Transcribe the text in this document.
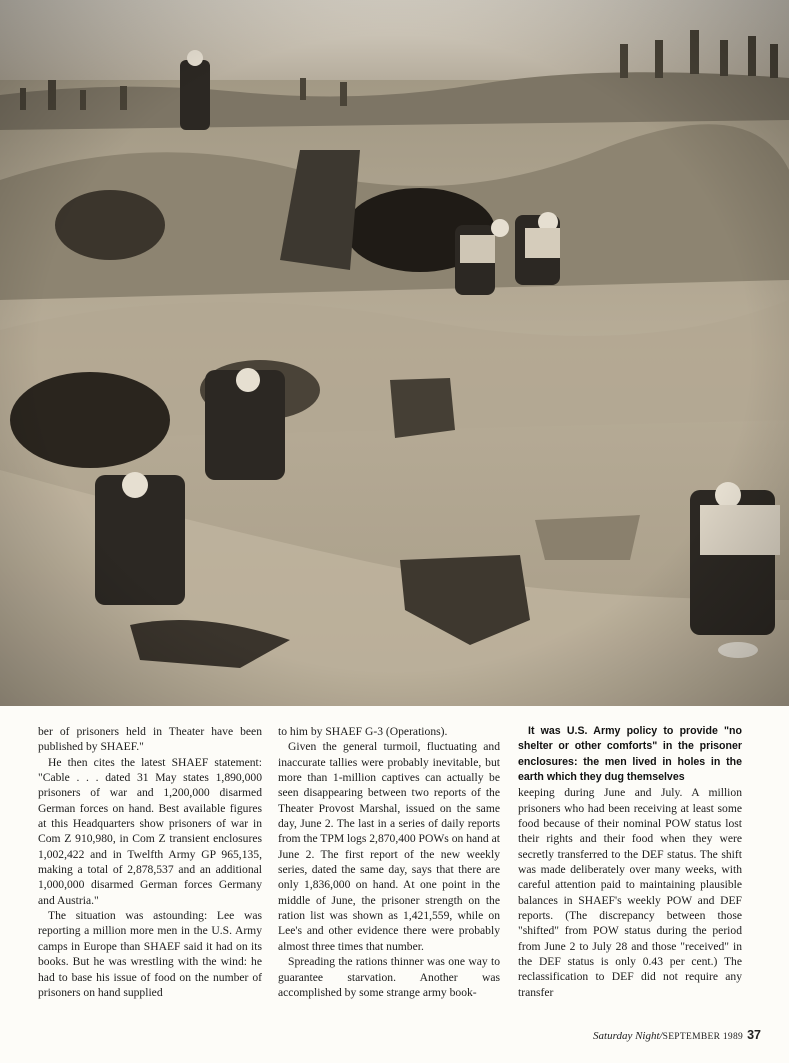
ber of prisoners held in Theater have been published by SHAEF."

He then cites the latest SHAEF statement: "Cable . . . dated 31 May states 1,890,000 prisoners of war and 1,200,000 disarmed German forces on hand. Best available figures at this Headquarters show prisoners of war in Com Z 910,980, in Com Z transient enclosures 1,002,422 and in Twelfth Army GP 965,135, making a total of 2,878,537 and an additional 1,000,000 disarmed German forces Germany and Austria."

The situation was astounding: Lee was reporting a million more men in the U.S. Army camps in Europe than SHAEF said it had on its books. But he was wrestling with the wind: he had to base his issue of food on the number of prisoners on hand supplied

to him by SHAEF G-3 (Operations).

Given the general turmoil, fluctuating and inaccurate tallies were probably inevitable, but more than 1-million captives can actually be seen disappearing between two reports of the Theater Provost Marshal, issued on the same day, June 2. The last in a series of daily reports from the TPM logs 2,870,400 POWs on hand at June 2. The first report of the new weekly series, dated the same day, says that there are only 1,836,000 on hand. At one point in the middle of June, the prisoner strength on the ration list was shown as 1,421,559, while on Lee's and other evidence there were probably almost three times that number.

Spreading the rations thinner was one way to guarantee starvation. Another was accomplished by some strange army book-

It was U.S. Army policy to provide "no shelter or other comforts" in the prisoner enclosures: the men lived in holes in the earth which they dug themselves

keeping during June and July. A million prisoners who had been receiving at least some food because of their nominal POW status lost their rights and their food when they were secretly transferred to the DEF status. The shift was made deliberately over many weeks, with careful attention paid to maintaining plausible balances in SHAEF's weekly POW and DEF reports. (The discrepancy between those "shifted" from POW status during the period from June 2 to July 28 and those "received" in the DEF status is only 0.43 per cent.) The reclassification to DEF did not require any transfer

Saturday Night/SEPTEMBER 1989 37
